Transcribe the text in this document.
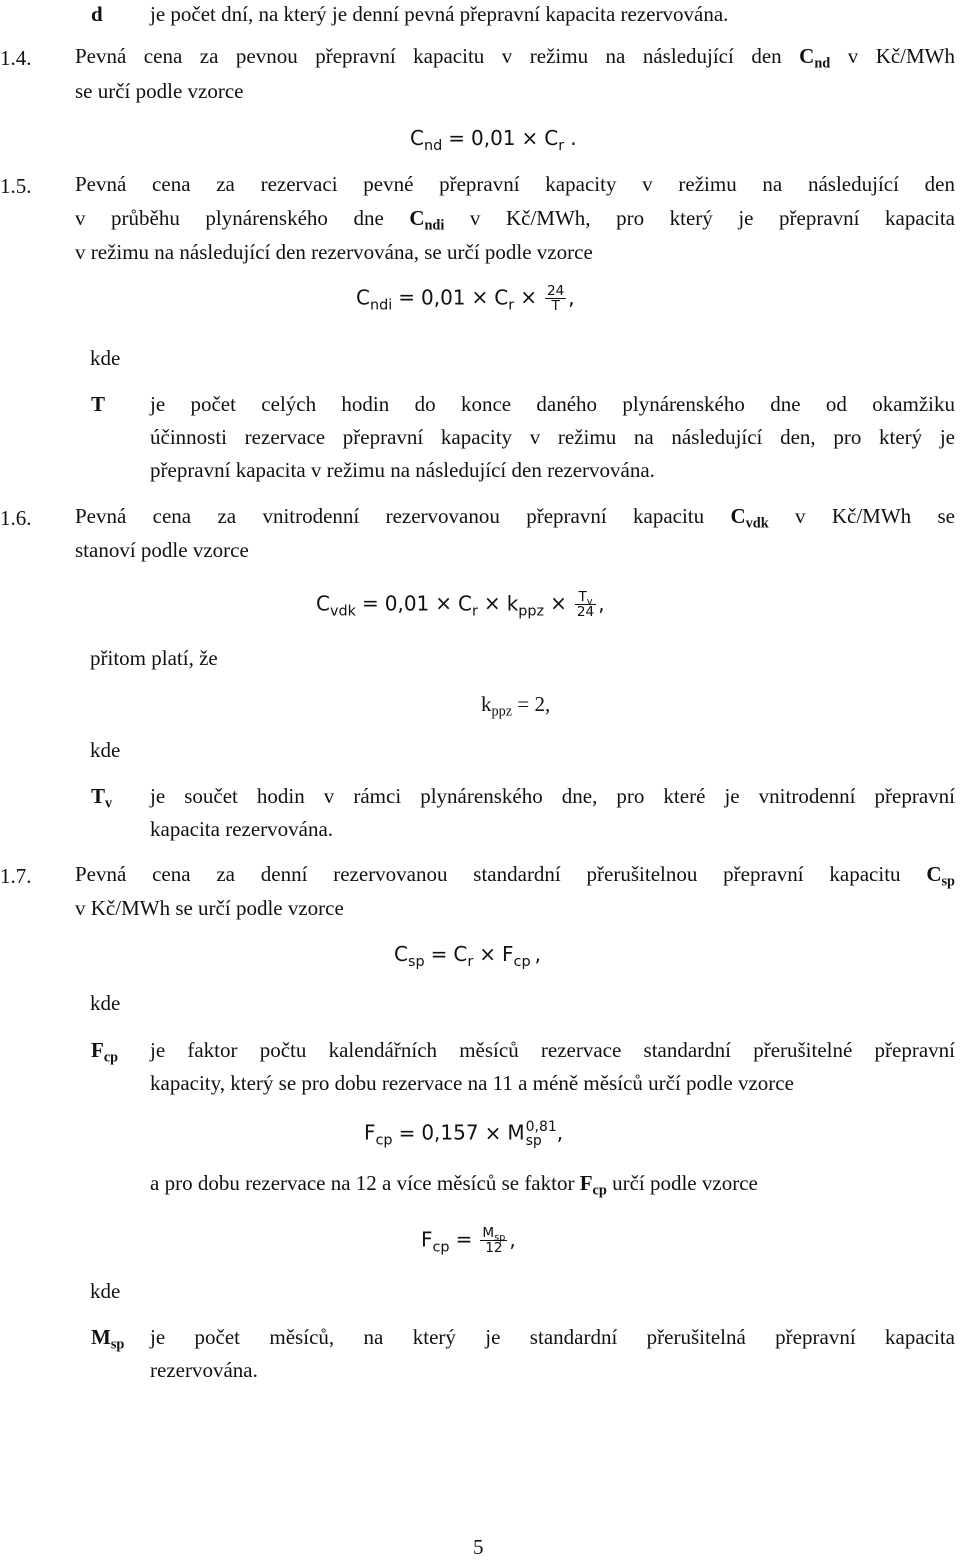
d je počet dní, na který je denní pevná přepravní kapacita rezervována.
1.4. Pevná cena za pevnou přepravní kapacitu v režimu na následující den $C_{nd}$ v Kč/MWh
se určí podle vzorce
$C_{nd} = 0,01 \times C_r$ .
1.5. Pevná cena za rezervaci pevné přepravní kapacity v režimu na následující den
v průběhu plynárenského dne $C_{ndi}$ v Kč/MWh, pro který je přepravní kapacita
v režimu na následující den rezervována, se určí podle vzorce
$C_{ndi} = 0,01 \times C_r \times \frac{24}{T}$ ,
kde
T je počet celých hodin do konce daného plynárenského dne od okamžiku
účinnosti rezervace přepravní kapacity v režimu na následující den, pro který je
přepravní kapacita v režimu na následující den rezervována.
1.6. Pevná cena za vnitrodenní rezervovanou přepravní kapacitu $C_{vdk}$ v Kč/MWh se
stanoví podle vzorce
$C_{vdk} = 0,01 \times C_r \times k_{ppz} \times \frac{T_v}{24}$ ,
přitom platí, že
$k_{ppz} = 2$,
kde
$T_v$ je součet hodin v rámci plynárenského dne, pro které je vnitrodenní přepravní
kapacita rezervována.
1.7. Pevná cena za denní rezervovanou standardní přerušitelnou přepravní kapacitu $C_{sp}$
v Kč/MWh se určí podle vzorce
$C_{sp} = C_r \times F_{cp}$ ,
kde
$F_{cp}$ je faktor počtu kalendářních měsíců rezervace standardní přerušitelné přepravní
kapacity, který se pro dobu rezervace na 11 a méně měsíců určí podle vzorce
$F_{cp} = 0,157 \times M$ 0,81
sp ,
a pro dobu rezervace na 12 a více měsíců se faktor $F_{cp}$ určí podle vzorce
$F_{cp} = \frac{M_{sp}}{12}$ ,
kde
$M_{sp}$ je počet měsíců, na který je standardní přerušitelná přepravní kapacita
rezervována.
5
